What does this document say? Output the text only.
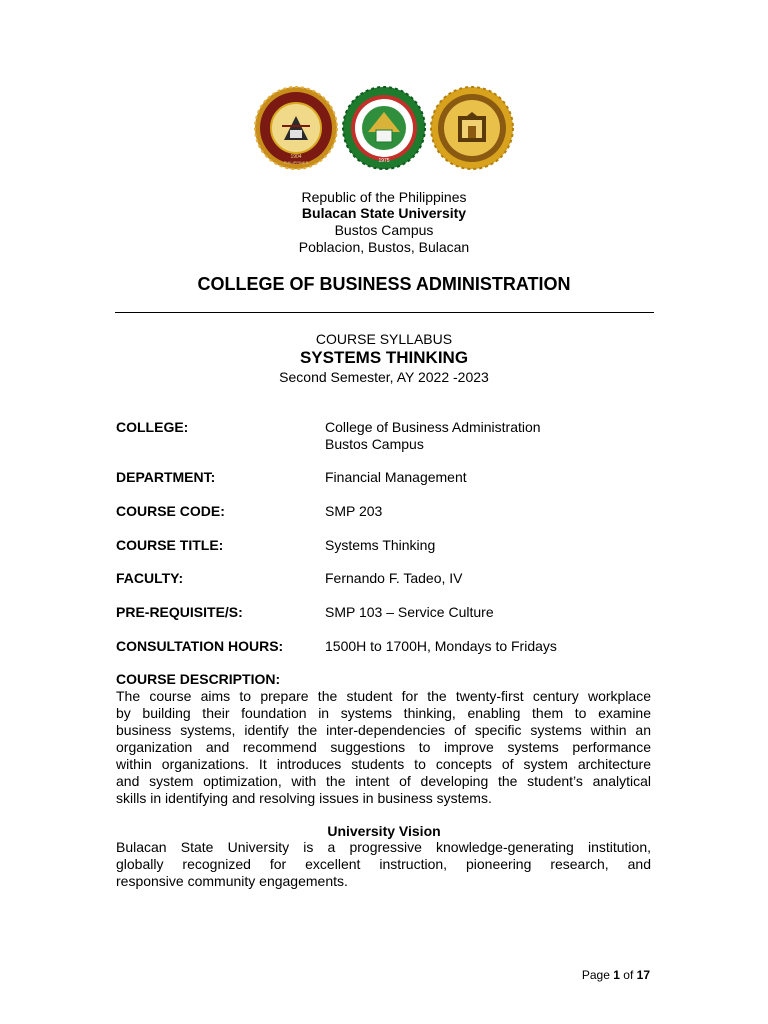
1904
PHILIPPINES	1975
Republic of the Philippines
Bulacan State University
Bustos Campus
Poblacion, Bustos, Bulacan
COLLEGE OF BUSINESS ADMINISTRATION
COURSE SYLLABUS
SYSTEMS THINKING
Second Semester, AY 2022 -2023
COLLEGE:	College of Business Administration
Bustos Campus
DEPARTMENT:	Financial Management
COURSE CODE:	SMP 203
COURSE TITLE:	Systems Thinking
FACULTY:	Fernando F. Tadeo, IV
PRE-REQUISITE/S:	SMP 103 – Service Culture
CONSULTATION HOURS:	1500H to 1700H, Mondays to Fridays
COURSE DESCRIPTION:
The course aims to prepare the student for the twenty-first century workplace
by building their foundation in systems thinking, enabling them to examine
business systems, identify the inter-dependencies of specific systems within an
organization and recommend suggestions to improve systems performance
within organizations. It introduces students to concepts of system architecture
and system optimization, with the intent of developing the student’s analytical
skills in identifying and resolving issues in business systems.
University Vision
Bulacan State University is a progressive knowledge-generating institution,
globally recognized for excellent instruction, pioneering research, and
responsive community engagements.
Page 1 of 17
